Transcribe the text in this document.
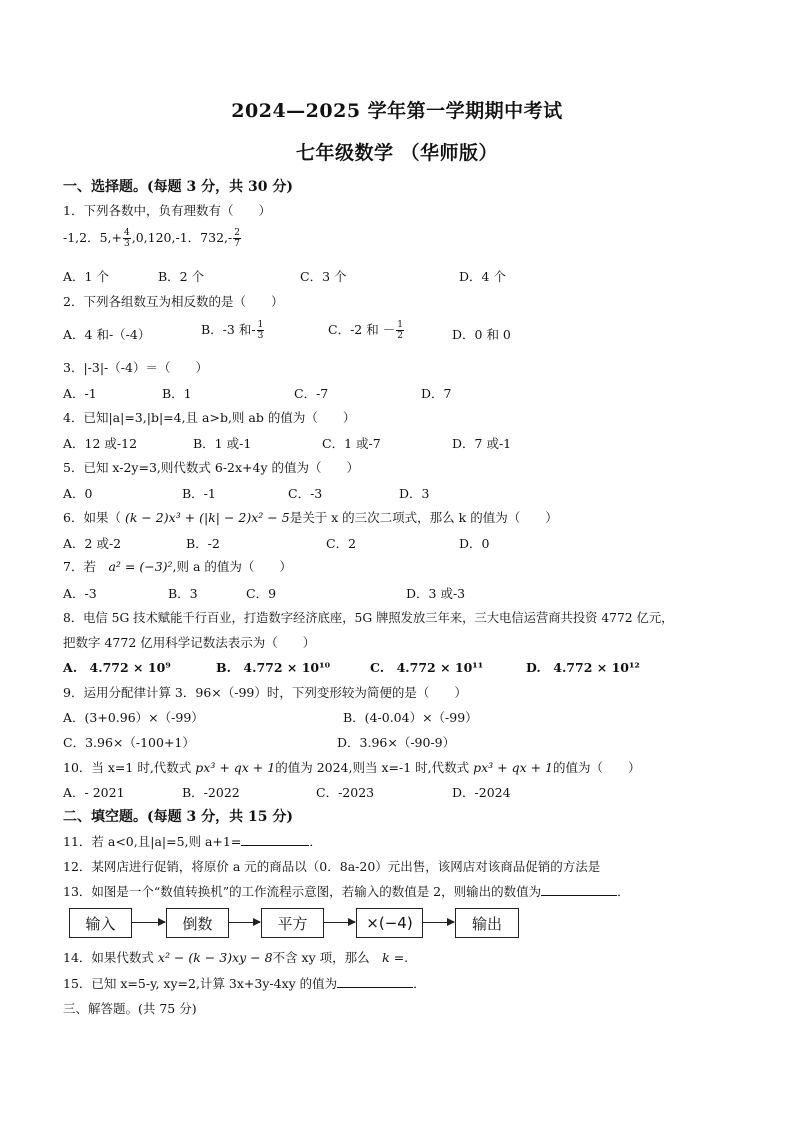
2024—2025 学年第一学期期中考试
七年级数学 （华师版）
一、选择题。(每题 3 分，共 30 分)
1．下列各数中，负有理数有（　　）
-1,2．$5,+ \frac{4}{3} ,0,120,-1$．$732,- \frac{2}{7}$
A．1 个	B．2 个	C．3 个	D．4 个
2．下列各组数互为相反数的是（　　）
A．4 和-（-4）	B．-3 和- $\frac{1}{3}$	C．-2 和 － $\frac{1}{2}$	D．0 和 0
3．|-3|-（-4）＝（　　）
A．-1	B．1	C．-7	D．7
4．已知|a|=3,|b|=4,且 a>b,则 ab 的值为（　　）
A．12 或-12	B．1 或-1	C．1 或-7	D．7 或-1
5．已知 x-2y=3,则代数式 6-2x+4y 的值为（　　）
A．0	B．-1	C．-3	D．3
6．如果（ (k − 2)x³ + (|k| − 2)x² − 5是关于 x 的三次二项式，那么 k 的值为（　　）
A．2 或-2	B．-2	C．2	D．0
7．若　 a² = (−3)²,则 a 的值为（　　）
A．-3	B．3	C．9	D．3 或-3
8．电信 5G 技术赋能千行百业，打造数字经济底座，5G 牌照发放三年来，三大电信运营商共投资 4772 亿元，
把数字 4772 亿用科学记数法表示为（　　）
A.　4.772 × 10⁹	B.　4.772 × 10¹⁰	C.　4.772 × 10¹¹	D.　4.772 × 10¹²
9．运用分配律计算 3．96×（-99）时，下列变形较为简便的是（　　）
A．(3+0.96）×（-99）	B．(4-0.04）×（-99）
C．3.96×（-100+1）	D．3.96×（-90-9）
10．当 x=1 时,代数式 px³ + qx + 1的值为 2024,则当 x=-1 时,代数式 px³ + qx + 1的值为（　　）
A．- 2021	B．-2022	C．-2023	D．-2024
二、填空题。(每题 3 分，共 15 分)
11．若 a<0,且|a|=5,则 a+1=	．
12．某网店进行促销，将原价 a 元的商品以（0．8a-20）元出售，该网店对该商品促销的方法是
13．如图是一个“数值转换机”的工作流程示意图，若输入的数值是 2，则输出的数值为	．
输入	倒数	平方	×(−4)	输出
14．如果代数式 x² − (k − 3)xy − 8不含 xy 项，那么　 k =.
15．已知 x=5-y, xy=2,计算 3x+3y-4xy 的值为	．
三、解答题。(共 75 分)
